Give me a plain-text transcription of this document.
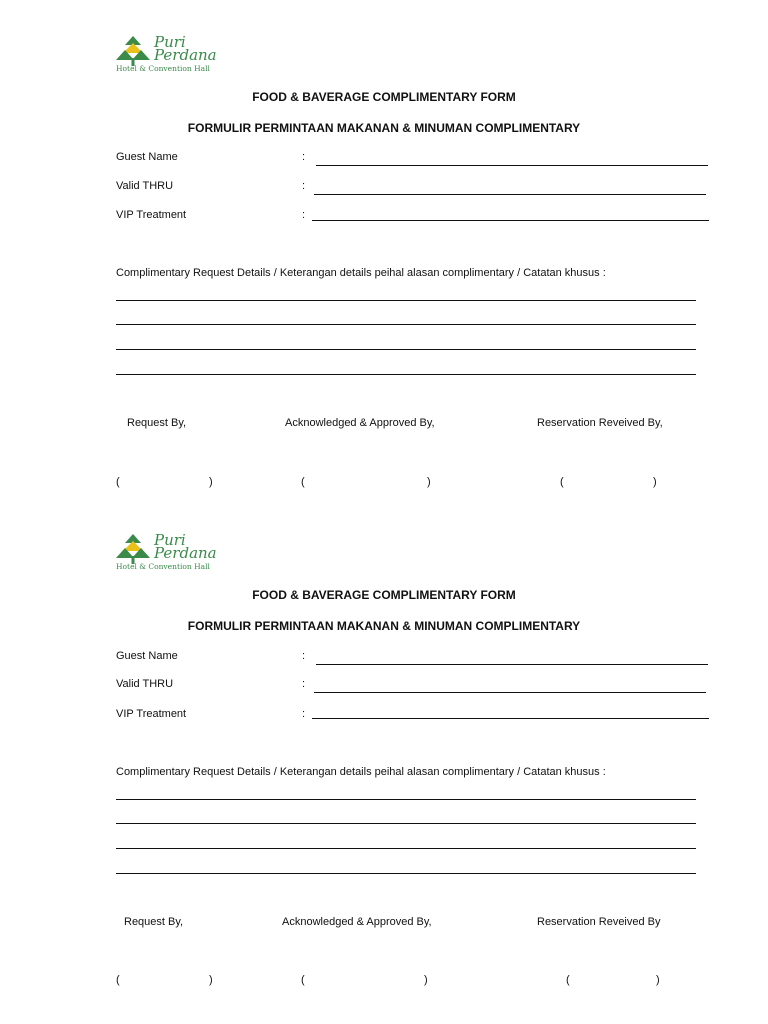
Puri
Perdana
Hotel & Convention Hall
FOOD & BAVERAGE COMPLIMENTARY FORM
FORMULIR PERMINTAAN MAKANAN & MINUMAN COMPLIMENTARY
Guest Name	:
Valid THRU	:
VIP Treatment	:
Complimentary Request Details / Keterangan details peihal alasan complimentary / Catatan khusus :
Request By,	Acknowledged & Approved By,	Reservation Reveived By,
(	)	(	)	(	)
Puri
Perdana
Hotel & Convention Hall
FOOD & BAVERAGE COMPLIMENTARY FORM
FORMULIR PERMINTAAN MAKANAN & MINUMAN COMPLIMENTARY
Guest Name	:
Valid THRU	:
VIP Treatment	:
Complimentary Request Details / Keterangan details peihal alasan complimentary / Catatan khusus :
Request By,	Acknowledged & Approved By,	Reservation Reveived By
(	)	(	)	(	)
